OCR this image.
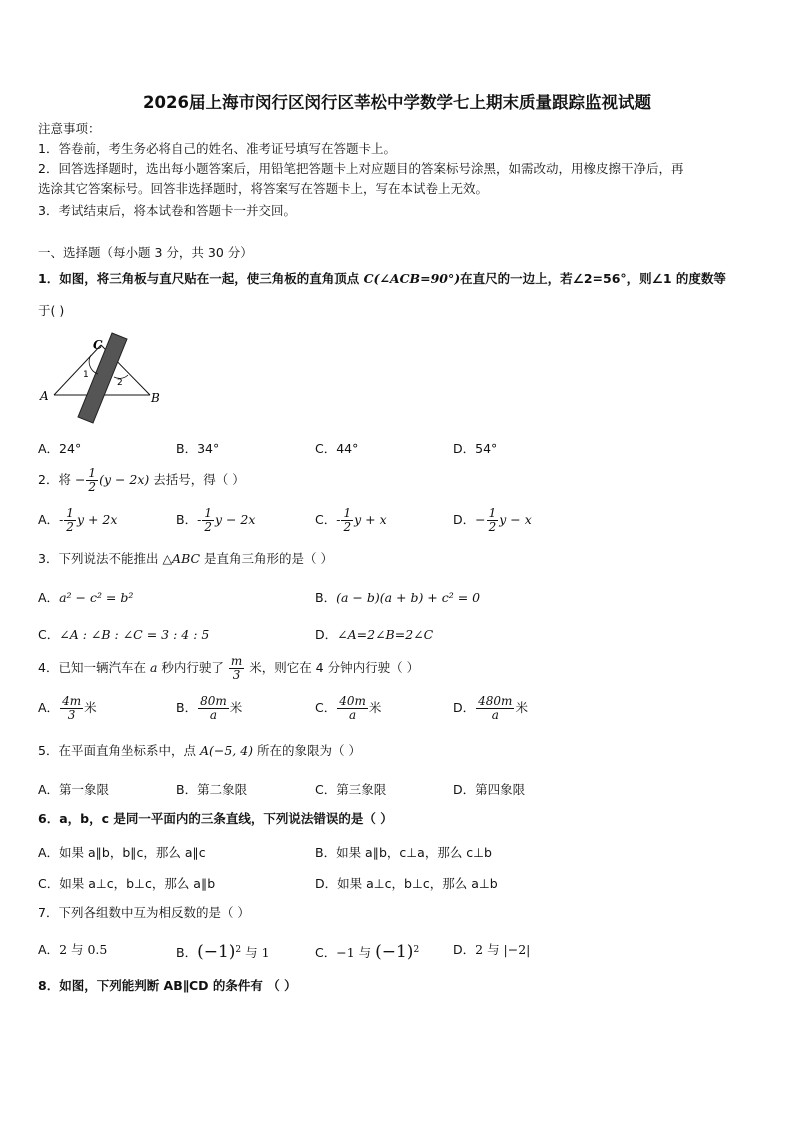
2026届上海市闵行区闵行区莘松中学数学七上期末质量跟踪监视试题
注意事项：
1．答卷前，考生务必将自己的姓名、准考证号填写在答题卡上。
2．回答选择题时，选出每小题答案后，用铅笔把答题卡上对应题目的答案标号涂黑，如需改动，用橡皮擦干净后，再
选涂其它答案标号。回答非选择题时，将答案写在答题卡上，写在本试卷上无效。
3．考试结束后，将本试卷和答题卡一并交回。
一、选择题（每小题 3 分，共 30 分）
1．如图，将三角板与直尺贴在一起，使三角板的直角顶点 C(∠ACB=90°)在直尺的一边上，若∠2=56°，则∠1 的度数等
于( )
C
A	B
1
2
A．24°	B．34°	C．44°	D．54°
2．将 − $\frac{1}{2} (y - 2x)$ 去括号，得（ ）
A．- $\frac{1}{2}$ y + 2x	B．- $\frac{1}{2}$ y − 2x	C．- $\frac{1}{2}$ y + x	D．− $\frac{1}{2}$ y − x
3．下列说法不能推出 △ABC 是直角三角形的是（ ）
A．a² − c² = b²	B．(a − b)(a + b) + c² = 0
C．∠A : ∠B : ∠C = 3 : 4 : 5	D．∠A=2∠B=2∠C
4．已知一辆汽车在 a 秒内行驶了 $\frac{m}{3}$ 米，则它在 4 分钟内行驶（ ）
A． $\frac{4m}{3}$ 米	B． $\frac{80m}{a}$ 米	C． $\frac{40m}{a}$ 米	D． $\frac{480m}{a}$ 米
5．在平面直角坐标系中，点 A(−5, 4) 所在的象限为（ ）
A．第一象限	B．第二象限	C．第三象限	D．第四象限
6．a，b，c 是同一平面内的三条直线，下列说法错误的是（ ）
A．如果 a∥b，b∥c，那么 a∥c	B．如果 a∥b，c⊥a，那么 c⊥b
C．如果 a⊥c，b⊥c，那么 a∥b	D．如果 a⊥c，b⊥c，那么 a⊥b
7．下列各组数中互为相反数的是（ ）
A．2 与 0.5	B．$(-1)^2$ 与 1	C．−1 与 $(-1)^2$	D．2 与 |−2|
8．如图，下列能判断 AB∥CD 的条件有 （ ）
